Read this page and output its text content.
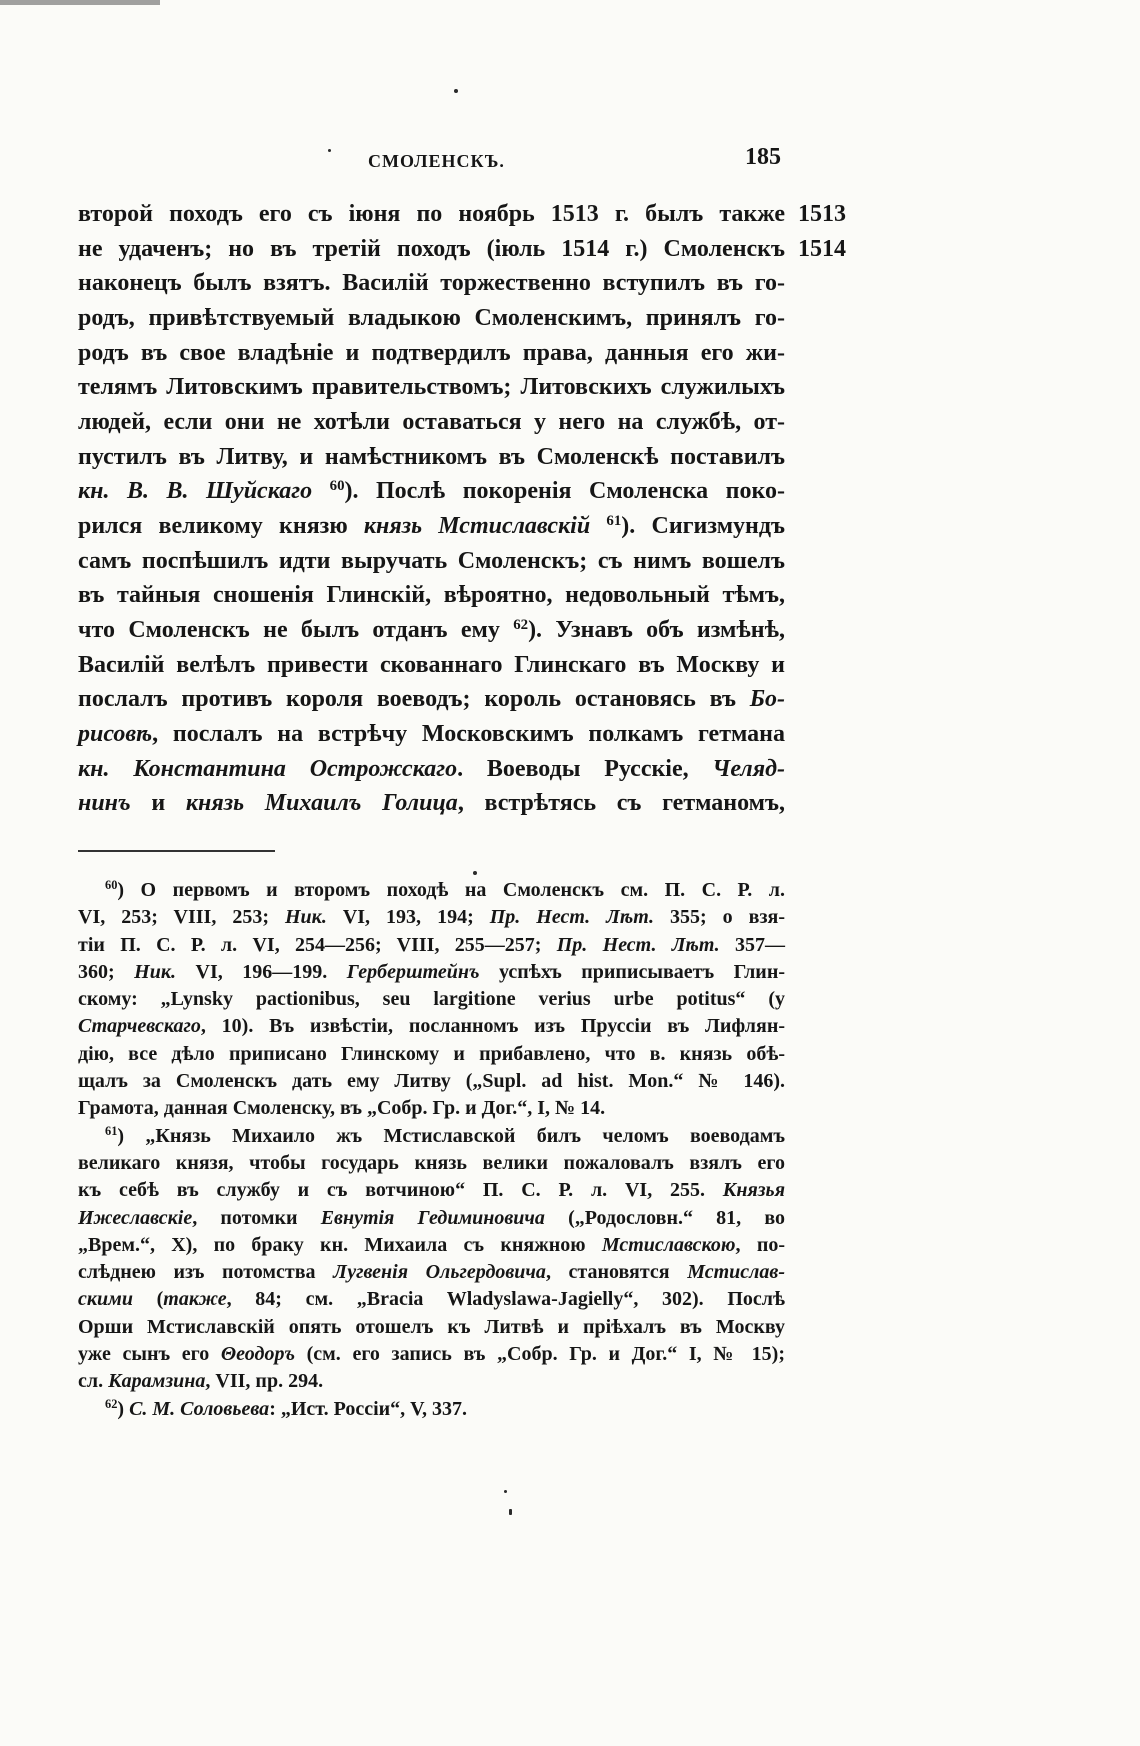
СМОЛЕНСКЪ.	185
1513
1514
второй походъ его съ іюня по ноябрь 1513 г. былъ также
не удаченъ; но въ третій походъ (іюль 1514 г.) Смоленскъ
наконецъ былъ взятъ. Василій торжественно вступилъ въ го-
родъ, привѣтствуемый владыкою Смоленскимъ, принялъ го-
родъ въ свое владѣніе и подтвердилъ права, данныя его жи-
телямъ Литовскимъ правительствомъ; Литовскихъ служилыхъ
людей, если они не хотѣли оставаться у него на службѣ, от-
пустилъ въ Литву, и намѣстникомъ въ Смоленскѣ поставилъ
кн. В. В. Шуйскаго $^{60}$). Послѣ покоренія Смоленска поко-
рился великому князю князь Мстиславскій $^{61}$). Сигизмундъ
самъ поспѣшилъ идти выручать Смоленскъ; съ нимъ вошелъ
въ тайныя сношенія Глинскій, вѣроятно, недовольный тѣмъ,
что Смоленскъ не былъ отданъ ему $^{62}$). Узнавъ объ измѣнѣ,
Василій велѣлъ привести скованнаго Глинскаго въ Москву и
послалъ противъ короля воеводъ; король остановясь въ Бо-
рисовѣ, послалъ на встрѣчу Московскимъ полкамъ гетмана
кн. Константина Острожскаго. Воеводы Русскіе, Челяд-
нинъ и князь Михаилъ Голица, встрѣтясь съ гетманомъ,
$^{60}$) О первомъ и второмъ походѣ на Смоленскъ см. П. С. Р. л.
VI, 253; VIII, 253; Ник. VI, 193, 194; Пр. Нест. Лѣт. 355; о взя-
тіи П. С. Р. л. VI, 254—256; VIII, 255—257; Пр. Нест. Лѣт. 357—
360; Ник. VI, 196—199. Герберштейнъ успѣхъ приписываетъ Глин-
скому: „Lynsky pactionibus, seu largitione verius urbe potitus“ (у
Старчевскаго, 10). Въ извѣстіи, посланномъ изъ Пруссіи въ Лифлян-
дію, все дѣло приписано Глинскому и прибавлено, что в. князь обѣ-
щалъ за Смоленскъ дать ему Литву („Supl. ad hist. Mon.“ № 146).
Грамота, данная Смоленску, въ „Собр. Гр. и Дог.“, I, № 14.
$^{61}$) „Князь Михаило жъ Мстиславской билъ челомъ воеводамъ
великаго князя, чтобы государь князь велики пожаловалъ взялъ его
къ себѣ въ службу и съ вотчиною“ П. С. Р. л. VI, 255. Князья
Ижеславскіе, потомки Евнутія Гедиминовича („Родословн.“ 81, во
„Врем.“, X), по браку кн. Михаила съ княжною Мстиславскою, по-
слѣднею изъ потомства Лугвенія Ольгердовича, становятся Мстислав-
скими (также, 84; см. „Bracia Wladyslawa-Jagielly“, 302). Послѣ
Орши Мстиславскій опять отошелъ къ Литвѣ и пріѣхалъ въ Москву
уже сынъ его Θеодоръ (см. его запись въ „Собр. Гр. и Дог.“ I, № 15);
сл. Карамзина, VII, пр. 294.
$^{62}$) С. М. Соловьева: „Ист. Россіи“, V, 337.
